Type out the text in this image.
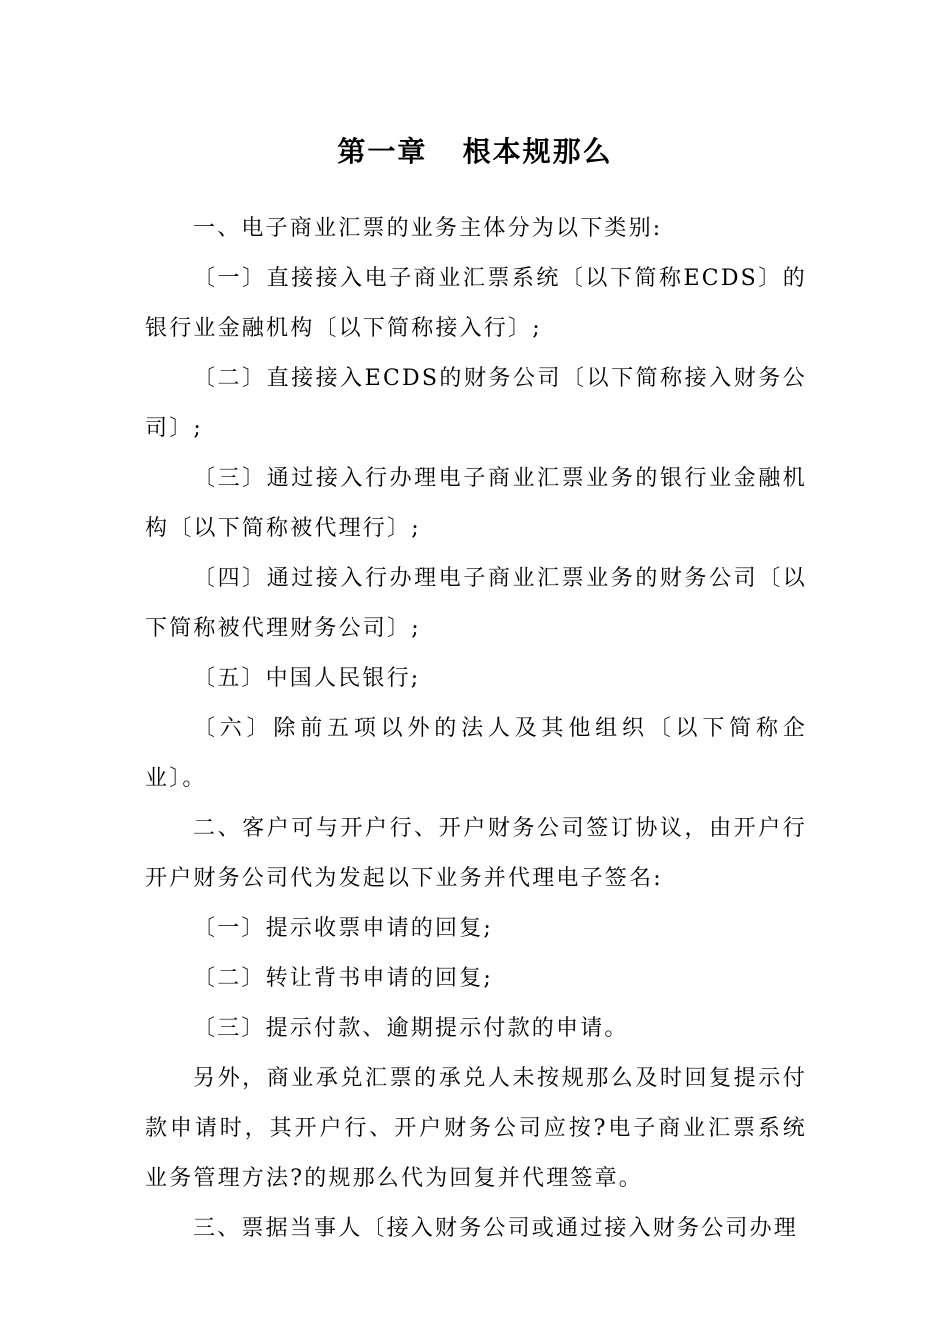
第一章   根本规那么

一、电子商业汇票的业务主体分为以下类别:

〔一〕直接接入电子商业汇票系统〔以下简称ECDS〕的银行业金融机构〔以下简称接入行〕;

〔二〕直接接入ECDS的财务公司〔以下简称接入财务公司〕;

〔三〕通过接入行办理电子商业汇票业务的银行业金融机构〔以下简称被代理行〕;

〔四〕通过接入行办理电子商业汇票业务的财务公司〔以下简称被代理财务公司〕;

〔五〕中国人民银行;

〔六〕除前五项以外的法人及其他组织〔以下简称企业〕。

二、客户可与开户行、开户财务公司签订协议，由开户行开户财务公司代为发起以下业务并代理电子签名:

〔一〕提示收票申请的回复;

〔二〕转让背书申请的回复;

〔三〕提示付款、逾期提示付款的申请。

另外，商业承兑汇票的承兑人未按规那么及时回复提示付款申请时，其开户行、开户财务公司应按?电子商业汇票系统业务管理方法?的规那么代为回复并代理签章。

三、票据当事人〔接入财务公司或通过接入财务公司办理
